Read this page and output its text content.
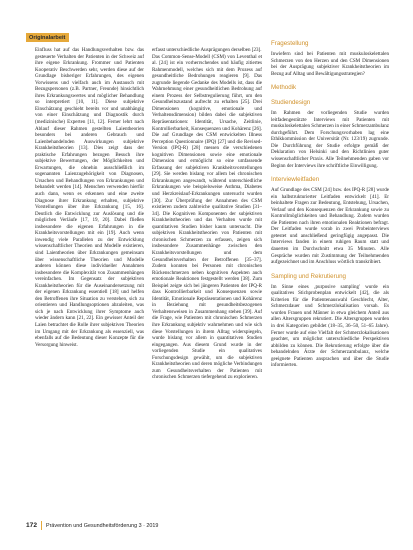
Originalarbeit

Einfluss hat auf das Handlungsverhalten bzw. das gesteuerte Verhalten der Patienten in der Schweiz auf ihre eigene Erkrankung. Frommer und Patienten Kooperativ Beschwerden sehr, werden diese auf der Grundlage bisheriger Erfahrungen, des eigenen Vorwissens und vielfach auch im Austausch mit Bezugspersonen (z.B. Partner, Freunde) hinsichtlich ihres Erkrankungswertes und möglicher Behandlung so interpretiert [10, 11]. Diese subjektive Einschätzung geschieht bereits vor und unabhängig von einer Einschätzung und Diagnostik durch (medizinische) Experten [11, 12]. Ferner lehrt nach Ablauf dieser Rahmen gestellten Laientheorien besonders bei anderen Gebrauch und Laienbehandelnden Auswirkungen subjektive Krankheitstheorien [13]. Dies zeigt dass der praktische Erfahrungen bezogen Besuch ihre subjektive Bewertungen, der Möglichkeiten und Erwartungen, die ohnehin ausschließlich im sogenannten Laienzugehörigkeit von Diagnosen, Ursachen und Behandlungen von Erkrankungen und behandelt werden [14]. Menschen verwenden hierfür auch dann, wenn es erkennen und eine zweite Diagnose ihrer Erkrankung erhalten, subjektive Vorstellungen über ihre Erkrankung [15, 16]. Deutlich die Entwicklung zur Auslösung und die möglichen Verläufe [17, 19, 20]. Dabei fließen insbesondere die eigenen Erfahrungen in die Krankheitsvorstellungen mit ein [19]. Auch wenn inwendig viele Parallelen zu der Entwicklung wissenschaftlicher Theorien und Modelle existieren, sind Laientheorien über Erkrankungen gemeinsam über wissenschaftliche Theorien und Modelle anderen können diese individueller Annahmen insbesondere die Komplexität von Zusammenhängen vereinfachen. Im Gegensatz der subjektiven Krankheitstheorien für die Auseinandersetzung mit der eigenen Erkrankung essentiell [18] und helfen den Betroffenen ihre Situation zu verstehen, sich zu orientieren und Handlungsoptionen abzuleiten, was sich je nach Entwicklung ihrer Symptome auch wieder ändern kann [21, 22]. Ein gewisser Anteil der Laien betrachtet die Rolle ihrer subjektiven Theorien im Umgang mit der Erkrankung als essenziell, was ebenfalls auf die Bedeutung dieser Konzepte für die Versorgung hinweist.

erfasst unterschiedliche Ausprägungen derselben [23].

Das Common-Sense-Modell (CSM) von Leventhal et al. [24] ist ein vorherrschendes und häufig zitiertes Rahmenmodell, welches sich mit dem Prozess auf gesundheitliche Bedrohungen reagieren [9]. Das zugrunde liegende Gedanke des Modells ist, dass die Wahrnehmung einer gesundheitlichen Bedrohung auf einem Prozess der Selbstregulierung führt, um den Gesundheitszustand aufrecht zu erhalten [25]. Drei Dimensionen (kognitive, emotionale und Verhaltensdimension) bilden dabei die subjektiven Repräsentationen: Identität, Ursache, Zeitlinie, Kontrollierbarkeit, Konsequenzen und Kohärenz [26]. Die auf Grundlage des CSM entwickelten Illness Perception Questionnaire (IPQ) [27] und die Revised-Version (IPQ-R) [28] messen die verschiedenen kognitiven Dimensionen sowie eine emotionale Dimension und ermöglicht so eine umfassende Erfassung der subjektiven Krankheitsvorstellungen [29]. Sie werden bislang vor allem bei chronischen Erkrankungen angewandt, während unterschiedliche Erkrankungen wie beispielsweise Asthma, Diabetes und Herzkreislauf-Erkrankungen untersucht wurden [30]. Zur Überprüfung der Annahmen des CSM existieren zudem zahlreiche qualitative Studien [31–34]. Die Kognitiven Komponenten der subjektiven Krankheitstheorien und das Verhalten wurde mit quantitativen Studien bisher kaum untersucht. Die subjektiven Krankheitstheorien von Patienten mit chronischen Schmerzen zu erfassen, zeigen sich insbesondere Zusammenhänge zwischen den Krankheitsvorstellungen und dem Gesundheitsverhalten der Betroffenen [35–37]. Zudem konnten bei Personen mit chronischen Rückenschmerzen neben kognitiven Aspekten auch emotionale Reaktionen festgestellt werden [38]. Zum Beispiel zeigte sich bei jüngeren Patienten der IPQ-R dass Kontrollierbarkeit und Konsequenzen sowie Identität, Emotionale Repräsentationen und Kohärenz in Beziehung mit gesundheitsbezogenen Verhaltensweisen in Zusammenhang stehen [39]. Auf die Frage, wie Patienten mit chronischen Schmerzen ihre Erkrankung subjektiv wahrnehmen und wie sich diese Vorstellungen in ihrem Alltag widerspiegeln, wurde bislang vor allem in quantitativen Studien eingegangen. Aus diesem Grund wurde in der vorliegenden Studie ein qualitatives Forschungsdesign gewählt, um die subjektiven Krankheitstheorien und deren mögliche Verbindungen zum Gesundheitsverhalten der Patienten mit chronischen Schmerzen tiefergehend zu explorieren.

Fragestellung

Inwiefern sind bei Patienten mit muskuloskelettalen Schmerzen von den Herzen und den CSM Dimensionen bei der Ausprägung subjektiver Krankheitstheorien im Bezug auf Alltag und Bewältigungsstrategien?

Methodik
Studiendesign

Im Rahmen der vorliegenden Studie wurden leitfadengestützte Interviews mit Patienten mit muskuloskelettalen Schmerzen in einer Schmerzambulanz durchgeführt. Dem Forschungsvorhaben lag eine Ethikkommission der Universität (Nr. 123/19) zugrunde. Die Durchführung der Studie erfolgte gemäß der Deklaration von Helsinki und den Richtlinien guter wissenschaftlicher Praxis. Alle Teilnehmenden gaben vor Beginn der Interviews ihre schriftliche Einwilligung.

Interviewleitfaden

Auf Grundlage des CSM [24] bzw. des IPQ-R [28] wurde ein halbstrukturierter Leitfaden entwickelt [41]. Er beinhaltete Fragen zur Bedeutung, Entstehung, Ursachen, Verlauf und den Konsequenzen der Erkrankung sowie zu Kontrollmöglichkeiten und Behandlung. Zudem wurden die Patienten nach ihren emotionalen Reaktionen befragt. Der Leitfaden wurde vorab in zwei Probeinterviews getestet und anschließend geringfügig angepasst. Die Interviews fanden in einem ruhigen Raum statt und dauerten im Durchschnitt etwa 35 Minuten. Alle Gespräche wurden mit Zustimmung der Teilnehmenden aufgezeichnet und im Anschluss wörtlich transkribiert.

Sampling und Rekrutierung

Im Sinne eines ‚purposive sampling' wurde ein qualitatives Stichprobenplan entwickelt [42], die als Kriterien für die Patientenauswahl Geschlecht, Alter, Schmerzdauer und Schmerzlokalisation vorsah. Es wurden Frauen und Männer in etwa gleichem Anteil aus allen Altersgruppen rekrutiert. Die Altersgruppen wurden in drei Kategorien gebildet (18–35, 36–50, 51–65 Jahre). Ferner wurde auf eine Vielfalt der Schmerzlokalisationen geachtet, um möglichst unterschiedliche Perspektiven abbilden zu können. Die Rekrutierung erfolgte über die behandelnden Ärzte der Schmerzambulanz, welche geeignete Patienten ansprachen und über die Studie informierten.

172 Prävention und Gesundheitsförderung 3 · 2019
